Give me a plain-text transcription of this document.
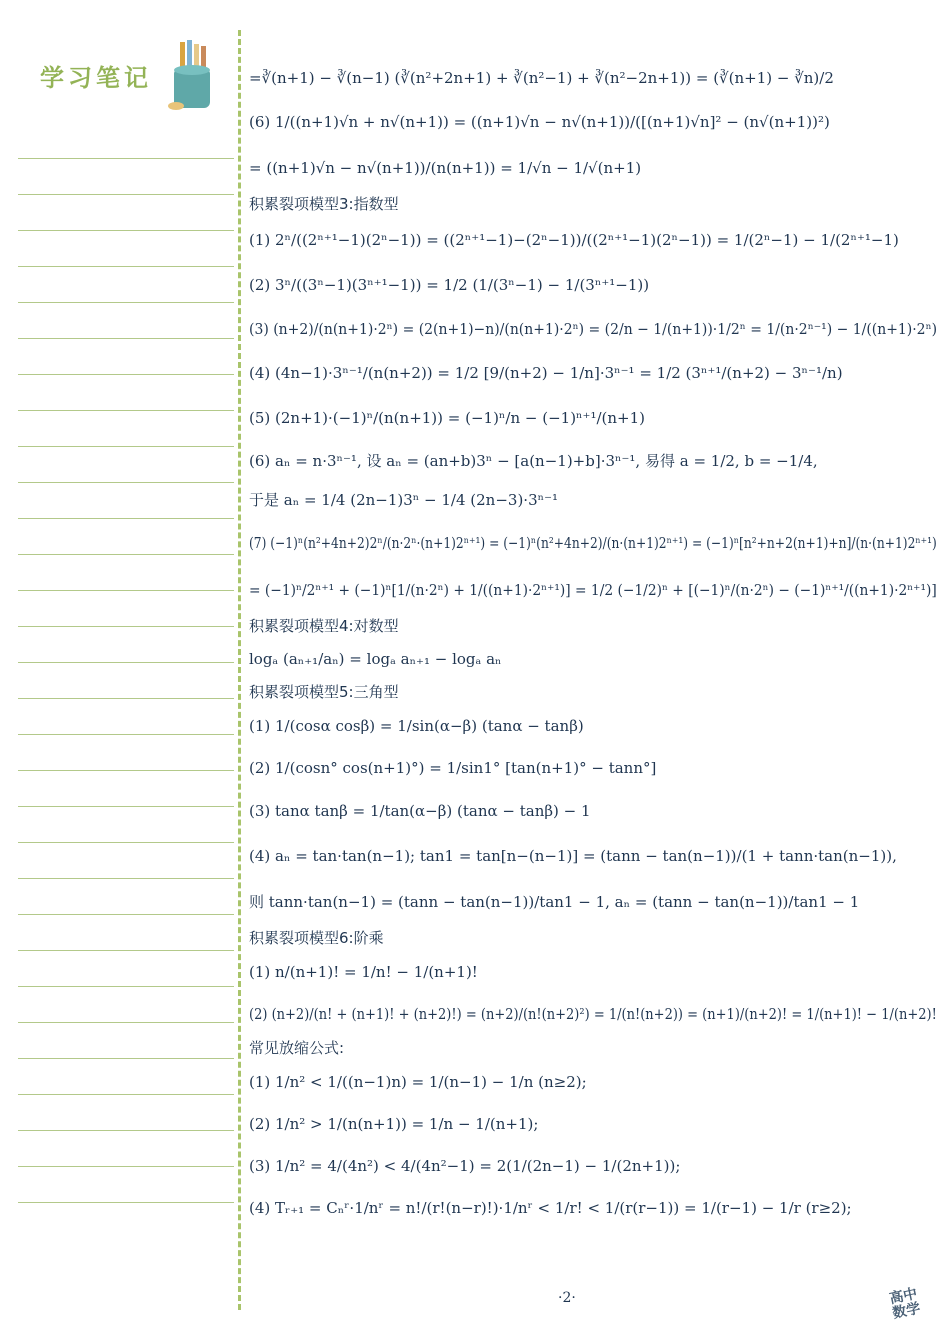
学习笔记	=∛(n+1) − ∛(n−1) (∛(n²+2n+1) + ∛(n²−1) + ∛(n²−2n+1)) = (∛(n+1) − ∛n)/2
(6) 1/((n+1)√n + n√(n+1)) = ((n+1)√n − n√(n+1))/([(n+1)√n]² − (n√(n+1))²)
= ((n+1)√n − n√(n+1))/(n(n+1)) = 1/√n − 1/√(n+1)
积累裂项模型3:指数型
(1) 2ⁿ/((2ⁿ⁺¹−1)(2ⁿ−1)) = ((2ⁿ⁺¹−1)−(2ⁿ−1))/((2ⁿ⁺¹−1)(2ⁿ−1)) = 1/(2ⁿ−1) − 1/(2ⁿ⁺¹−1)
(2) 3ⁿ/((3ⁿ−1)(3ⁿ⁺¹−1)) = 1/2 (1/(3ⁿ−1) − 1/(3ⁿ⁺¹−1))
(3) (n+2)/(n(n+1)·2ⁿ) = (2(n+1)−n)/(n(n+1)·2ⁿ) = (2/n − 1/(n+1))·1/2ⁿ = 1/(n·2ⁿ⁻¹) − 1/((n+1)·2ⁿ)
(4) (4n−1)·3ⁿ⁻¹/(n(n+2)) = 1/2 [9/(n+2) − 1/n]·3ⁿ⁻¹ = 1/2 (3ⁿ⁺¹/(n+2) − 3ⁿ⁻¹/n)
(5) (2n+1)·(−1)ⁿ/(n(n+1)) = (−1)ⁿ/n − (−1)ⁿ⁺¹/(n+1)
(6) aₙ = n·3ⁿ⁻¹, 设 aₙ = (an+b)3ⁿ − [a(n−1)+b]·3ⁿ⁻¹, 易得 a = 1/2, b = −1/4,
于是 aₙ = 1/4 (2n−1)3ⁿ − 1/4 (2n−3)·3ⁿ⁻¹
(7) (−1)ⁿ(n²+4n+2)2ⁿ/(n·2ⁿ·(n+1)2ⁿ⁺¹) = (−1)ⁿ(n²+4n+2)/(n·(n+1)2ⁿ⁺¹) = (−1)ⁿ[n²+n+2(n+1)+n]/(n·(n+1)2ⁿ⁺¹)
= (−1)ⁿ/2ⁿ⁺¹ + (−1)ⁿ[1/(n·2ⁿ) + 1/((n+1)·2ⁿ⁺¹)] = 1/2 (−1/2)ⁿ + [(−1)ⁿ/(n·2ⁿ) − (−1)ⁿ⁺¹/((n+1)·2ⁿ⁺¹)]
积累裂项模型4:对数型
logₐ (aₙ₊₁/aₙ) = logₐ aₙ₊₁ − logₐ aₙ
积累裂项模型5:三角型
(1) 1/(cosα cosβ) = 1/sin(α−β) (tanα − tanβ)
(2) 1/(cosn° cos(n+1)°) = 1/sin1° [tan(n+1)° − tann°]
(3) tanα tanβ = 1/tan(α−β) (tanα − tanβ) − 1
(4) aₙ = tan·tan(n−1); tan1 = tan[n−(n−1)] = (tann − tan(n−1))/(1 + tann·tan(n−1)),
则 tann·tan(n−1) = (tann − tan(n−1))/tan1 − 1, aₙ = (tann − tan(n−1))/tan1 − 1
积累裂项模型6:阶乘
(1) n/(n+1)! = 1/n! − 1/(n+1)!
(2) (n+2)/(n! + (n+1)! + (n+2)!) = (n+2)/(n!(n+2)²) = 1/(n!(n+2)) = (n+1)/(n+2)! = 1/(n+1)! − 1/(n+2)!
常见放缩公式:
(1) 1/n² < 1/((n−1)n) = 1/(n−1) − 1/n (n≥2);
(2) 1/n² > 1/(n(n+1)) = 1/n − 1/(n+1);
(3) 1/n² = 4/(4n²) < 4/(4n²−1) = 2(1/(2n−1) − 1/(2n+1));
(4) Tᵣ₊₁ = Cₙʳ·1/nʳ = n!/(r!(n−r)!)·1/nʳ < 1/r! < 1/(r(r−1)) = 1/(r−1) − 1/r (r≥2);
·2·	高中数学
